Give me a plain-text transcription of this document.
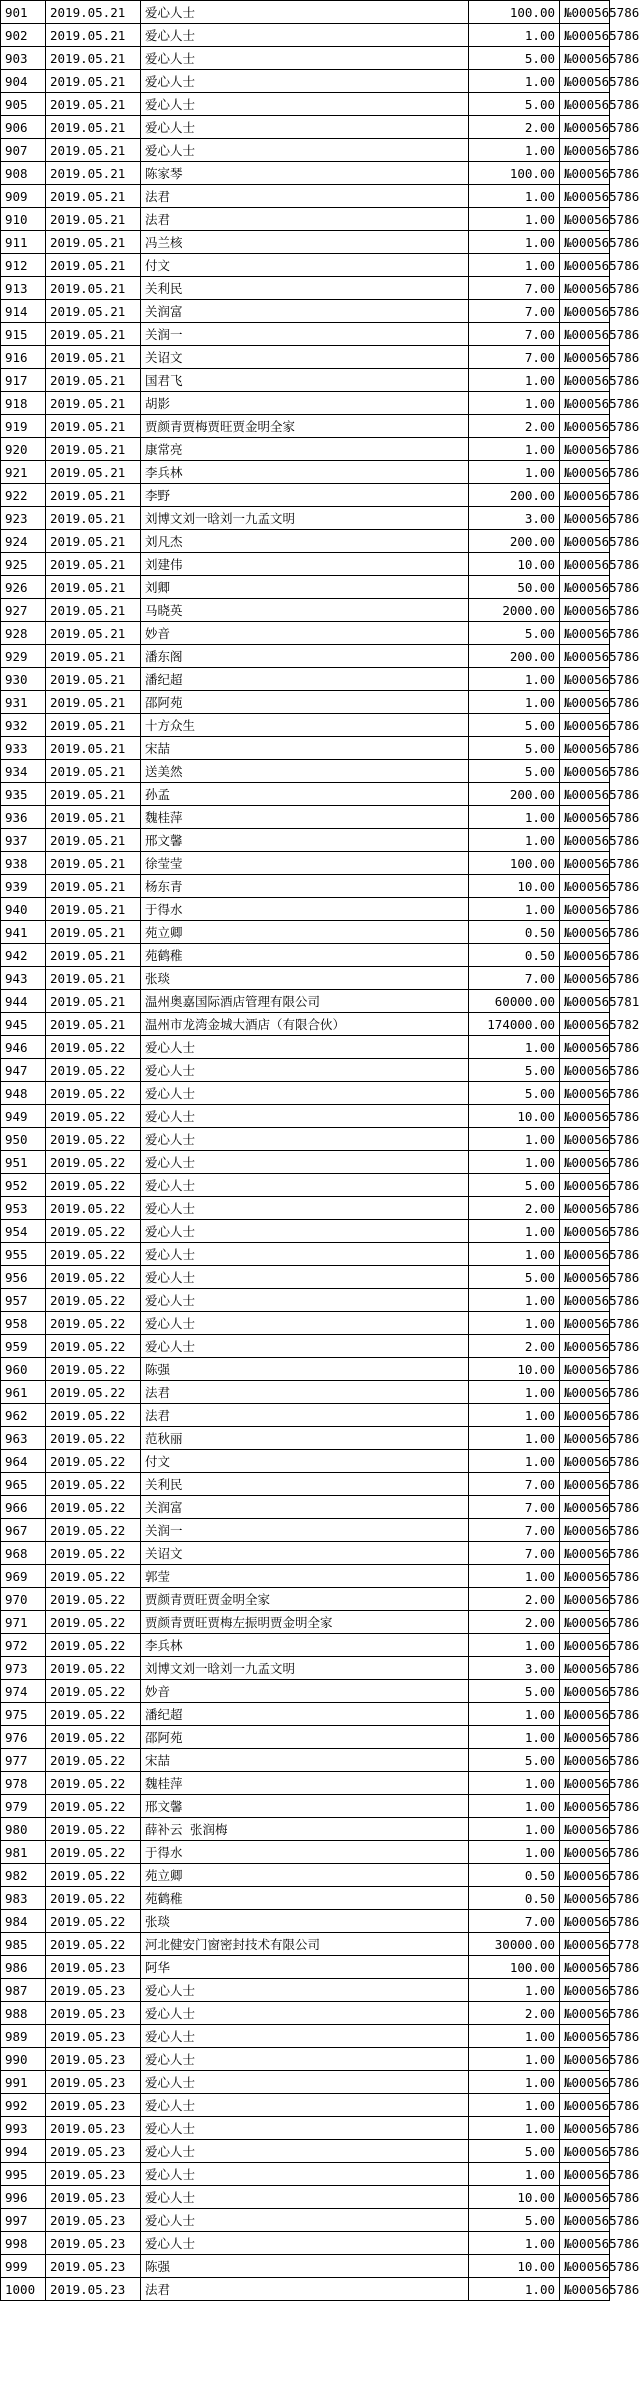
901	2019.05.21	爱心人士	100.00	№000565786
902	2019.05.21	爱心人士	1.00	№000565786
903	2019.05.21	爱心人士	5.00	№000565786
904	2019.05.21	爱心人士	1.00	№000565786
905	2019.05.21	爱心人士	5.00	№000565786
906	2019.05.21	爱心人士	2.00	№000565786
907	2019.05.21	爱心人士	1.00	№000565786
908	2019.05.21	陈家琴	100.00	№000565786
909	2019.05.21	法君	1.00	№000565786
910	2019.05.21	法君	1.00	№000565786
911	2019.05.21	冯兰核	1.00	№000565786
912	2019.05.21	付文	1.00	№000565786
913	2019.05.21	关利民	7.00	№000565786
914	2019.05.21	关润富	7.00	№000565786
915	2019.05.21	关润一	7.00	№000565786
916	2019.05.21	关诏文	7.00	№000565786
917	2019.05.21	国君飞	1.00	№000565786
918	2019.05.21	胡影	1.00	№000565786
919	2019.05.21	贾颜青贾梅贾旺贾金明全家	2.00	№000565786
920	2019.05.21	康常亮	1.00	№000565786
921	2019.05.21	李兵林	1.00	№000565786
922	2019.05.21	李野	200.00	№000565786
923	2019.05.21	刘博文刘一晗刘一九孟文明	3.00	№000565786
924	2019.05.21	刘凡杰	200.00	№000565786
925	2019.05.21	刘建伟	10.00	№000565786
926	2019.05.21	刘卿	50.00	№000565786
927	2019.05.21	马晓英	2000.00	№000565786
928	2019.05.21	妙音	5.00	№000565786
929	2019.05.21	潘东阁	200.00	№000565786
930	2019.05.21	潘纪超	1.00	№000565786
931	2019.05.21	邵阿苑	1.00	№000565786
932	2019.05.21	十方众生	5.00	№000565786
933	2019.05.21	宋喆	5.00	№000565786
934	2019.05.21	送美然	5.00	№000565786
935	2019.05.21	孙孟	200.00	№000565786
936	2019.05.21	魏桂萍	1.00	№000565786
937	2019.05.21	邢文馨	1.00	№000565786
938	2019.05.21	徐莹莹	100.00	№000565786
939	2019.05.21	杨东青	10.00	№000565786
940	2019.05.21	于得水	1.00	№000565786
941	2019.05.21	苑立卿	0.50	№000565786
942	2019.05.21	苑鹤稚	0.50	№000565786
943	2019.05.21	张琰	7.00	№000565786
944	2019.05.21	温州奥嘉国际酒店管理有限公司	60000.00	№000565781
945	2019.05.21	温州市龙湾金城大酒店（有限合伙）	174000.00	№000565782
946	2019.05.22	爱心人士	1.00	№000565786
947	2019.05.22	爱心人士	5.00	№000565786
948	2019.05.22	爱心人士	5.00	№000565786
949	2019.05.22	爱心人士	10.00	№000565786
950	2019.05.22	爱心人士	1.00	№000565786
951	2019.05.22	爱心人士	1.00	№000565786
952	2019.05.22	爱心人士	5.00	№000565786
953	2019.05.22	爱心人士	2.00	№000565786
954	2019.05.22	爱心人士	1.00	№000565786
955	2019.05.22	爱心人士	1.00	№000565786
956	2019.05.22	爱心人士	5.00	№000565786
957	2019.05.22	爱心人士	1.00	№000565786
958	2019.05.22	爱心人士	1.00	№000565786
959	2019.05.22	爱心人士	2.00	№000565786
960	2019.05.22	陈强	10.00	№000565786
961	2019.05.22	法君	1.00	№000565786
962	2019.05.22	法君	1.00	№000565786
963	2019.05.22	范秋丽	1.00	№000565786
964	2019.05.22	付文	1.00	№000565786
965	2019.05.22	关利民	7.00	№000565786
966	2019.05.22	关润富	7.00	№000565786
967	2019.05.22	关润一	7.00	№000565786
968	2019.05.22	关诏文	7.00	№000565786
969	2019.05.22	郭莹	1.00	№000565786
970	2019.05.22	贾颜青贾旺贾金明全家	2.00	№000565786
971	2019.05.22	贾颜青贾旺贾梅左振明贾金明全家	2.00	№000565786
972	2019.05.22	李兵林	1.00	№000565786
973	2019.05.22	刘博文刘一晗刘一九孟文明	3.00	№000565786
974	2019.05.22	妙音	5.00	№000565786
975	2019.05.22	潘纪超	1.00	№000565786
976	2019.05.22	邵阿苑	1.00	№000565786
977	2019.05.22	宋喆	5.00	№000565786
978	2019.05.22	魏桂萍	1.00	№000565786
979	2019.05.22	邢文馨	1.00	№000565786
980	2019.05.22	薛补云 张润梅	1.00	№000565786
981	2019.05.22	于得水	1.00	№000565786
982	2019.05.22	苑立卿	0.50	№000565786
983	2019.05.22	苑鹤稚	0.50	№000565786
984	2019.05.22	张琰	7.00	№000565786
985	2019.05.22	河北健安门窗密封技术有限公司	30000.00	№000565778
986	2019.05.23	阿华	100.00	№000565786
987	2019.05.23	爱心人士	1.00	№000565786
988	2019.05.23	爱心人士	2.00	№000565786
989	2019.05.23	爱心人士	1.00	№000565786
990	2019.05.23	爱心人士	1.00	№000565786
991	2019.05.23	爱心人士	1.00	№000565786
992	2019.05.23	爱心人士	1.00	№000565786
993	2019.05.23	爱心人士	1.00	№000565786
994	2019.05.23	爱心人士	5.00	№000565786
995	2019.05.23	爱心人士	1.00	№000565786
996	2019.05.23	爱心人士	10.00	№000565786
997	2019.05.23	爱心人士	5.00	№000565786
998	2019.05.23	爱心人士	1.00	№000565786
999	2019.05.23	陈强	10.00	№000565786
1000	2019.05.23	法君	1.00	№000565786
